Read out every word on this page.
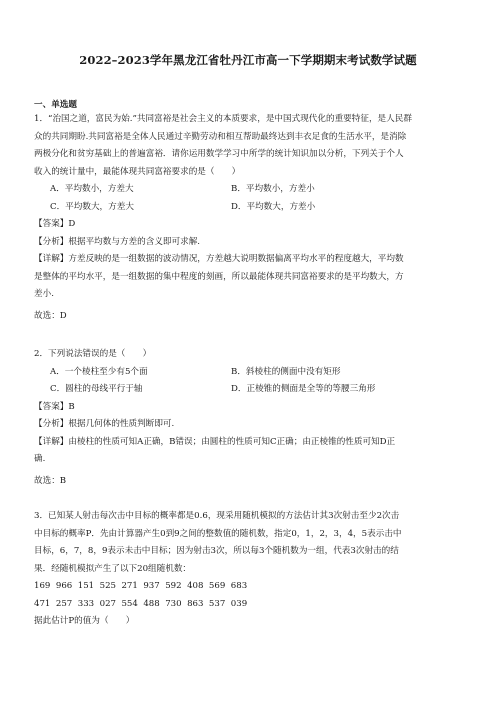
2022–2023学年黑龙江省牡丹江市高一下学期期末考试数学试题
一、单选题
1．“治国之道，富民为始.”共同富裕是社会主义的本质要求，是中国式现代化的重要特征，是人民群
众的共同期盼.共同富裕是全体人民通过辛勤劳动和相互帮助最终达到丰衣足食的生活水平，是消除
两极分化和贫穷基础上的普遍富裕．请你运用数学学习中所学的统计知识加以分析，下列关于个人
收入的统计量中，最能体现共同富裕要求的是（　　）
A．平均数小，方差大	B．平均数小，方差小
C．平均数大，方差大	D．平均数大，方差小
【答案】D
【分析】根据平均数与方差的含义即可求解.
【详解】方差反映的是一组数据的波动情况，方差越大说明数据偏离平均水平的程度越大，平均数
是整体的平均水平，是一组数据的集中程度的刻画，所以最能体现共同富裕要求的是平均数大，方
差小.
故选：D
2．下列说法错误的是（　　）
A．一个棱柱至少有5个面	B．斜棱柱的侧面中没有矩形
C．圆柱的母线平行于轴	D．正棱锥的侧面是全等的等腰三角形
【答案】B
【分析】根据几何体的性质判断即可.
【详解】由棱柱的性质可知A正确，B错误；由圆柱的性质可知C正确；由正棱锥的性质可知D正
确.
故选：B
3．已知某人射击每次击中目标的概率都是0.6，现采用随机模拟的方法估计其3次射击至少2次击
中目标的概率P．先由计算器产生0到9之间的整数值的随机数，指定0，1，2，3，4，5表示击中
目标，6，7，8，9表示未击中目标；因为射击3次，所以每3个随机数为一组，代表3次射击的结
果．经随机模拟产生了以下20组随机数：
169  966  151  525  271  937  592  408  569  683
471  257  333  027  554  488  730  863  537  039
据此估计P的值为（　　）
